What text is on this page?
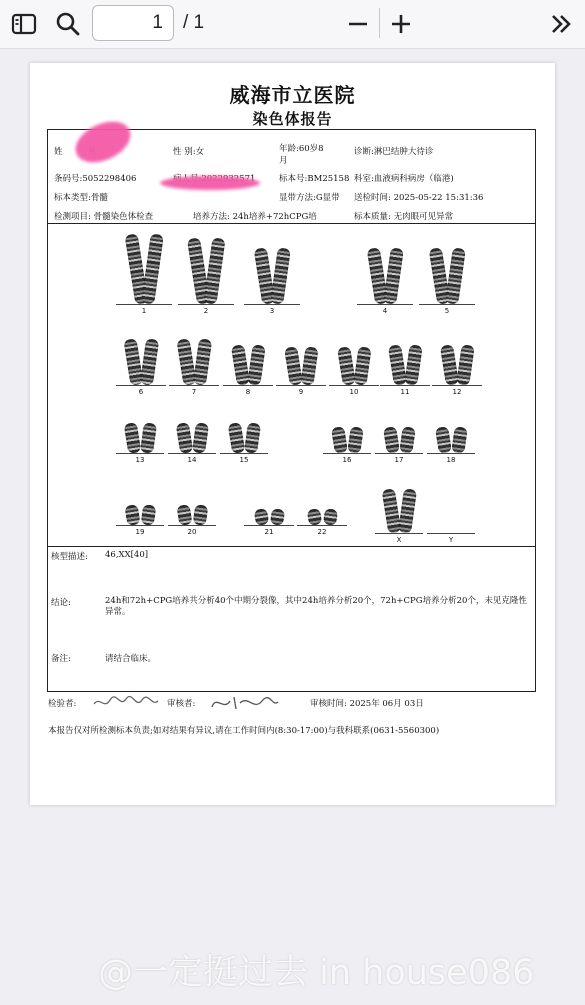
1
/ 1
威海市立医院
染色体报告
姓	性 别:女	年龄:60岁8
月
诊断:淋巴结肿大待诊
条码号:5052298406	标本号:BM25158 科室:血液病科病房（临港)
标本类型:骨髓	显带方法:G显带 送检时间: 2025-05-22 15:31:36
检测项目: 骨髓染色体检查	培养方法: 24h培养+72hCPG培	标本质量: 无肉眼可见异常
1	2	3	4	5
6	7	8	9	10	11	12
13	14	15	16	17	18
19	20	21	22
X	Y
核型描述: 46,XX[40]
结论:	24h和72h+CPG培养共分析40个中期分裂像，其中24h培养分析20个，72h+CPG培养分析20个，未见克隆性异常。
备注:	请结合临床。
检验者:	审核者:	审核时间: 2025年 06月 03日
本报告仅对所检测标本负责;如对结果有异议,请在工作时间内(8:30-17:00)与我科联系(0631-5560300)
@一定挺过去 in house086
